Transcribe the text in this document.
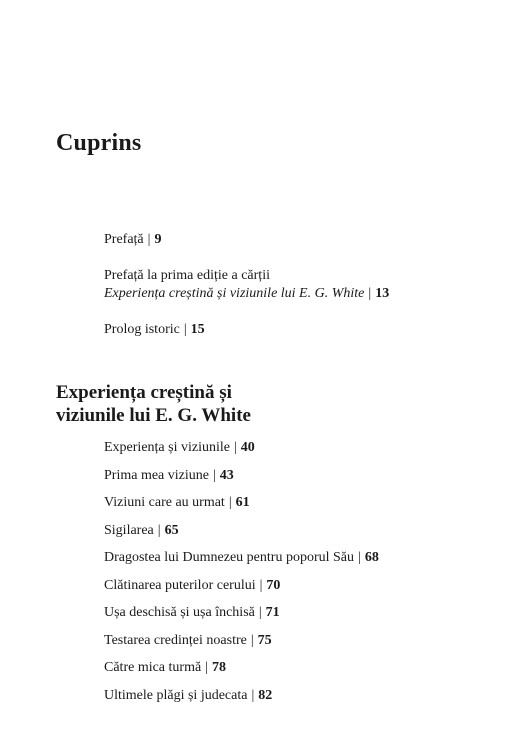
Cuprins
Prefață | 9
Prefață la prima ediție a cărții
Experiența creștină și viziunile lui E. G. White | 13
Prolog istoric | 15
Experiența creștină și
viziunile lui E. G. White
Experiența și viziunile | 40
Prima mea viziune | 43
Viziuni care au urmat | 61
Sigilarea | 65
Dragostea lui Dumnezeu pentru poporul Său | 68
Clătinarea puterilor cerului | 70
Ușa deschisă și ușa închisă | 71
Testarea credinței noastre | 75
Către mica turmă | 78
Ultimele plăgi și judecata | 82
